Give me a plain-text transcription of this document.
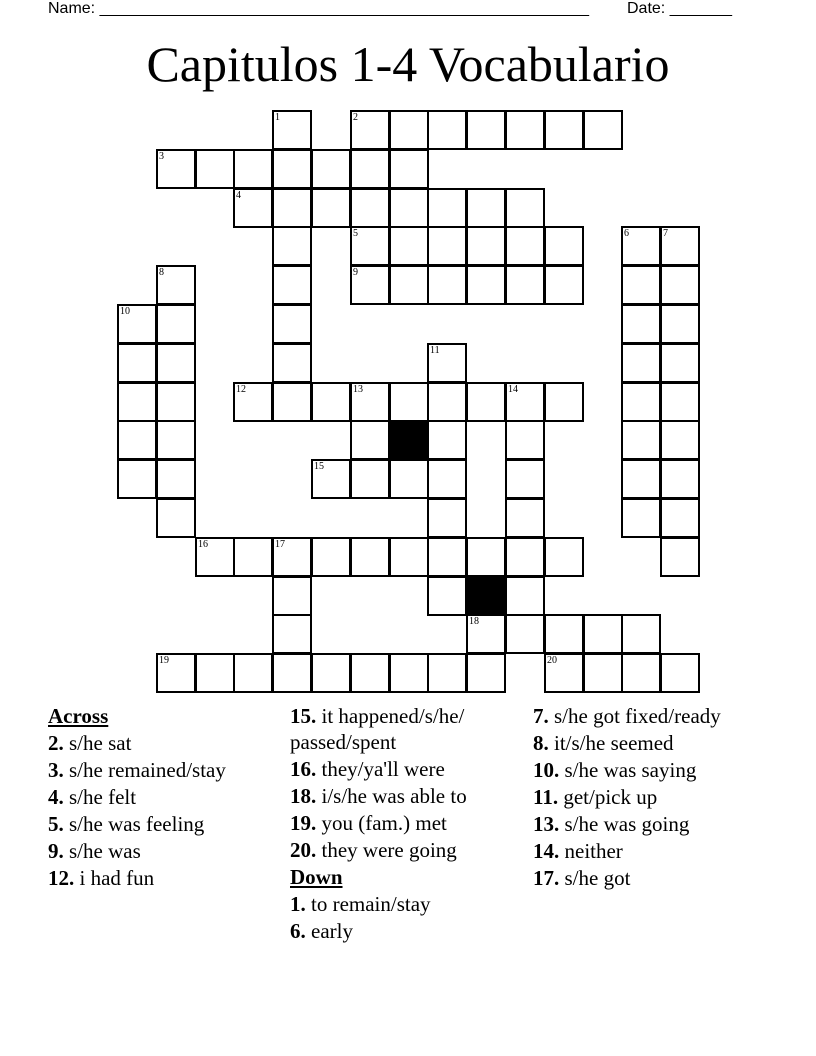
Name: _______________________________________________________ Date: _______
Capitulos 1-4 Vocabulario
1	2
3
4
5	6	7
8	9
10
11
12	13	14
15
16	17
18
19	20
Across
2. s/he sat
3. s/he remained/stay
4. s/he felt
5. s/he was feeling
9. s/he was
12. i had fun
15. it happened/s/he/ passed/spent
16. they/ya'll were
18. i/s/he was able to
19. you (fam.) met
20. they were going
Down
1. to remain/stay
6. early
7. s/he got fixed/ready
8. it/s/he seemed
10. s/he was saying
11. get/pick up
13. s/he was going
14. neither
17. s/he got
